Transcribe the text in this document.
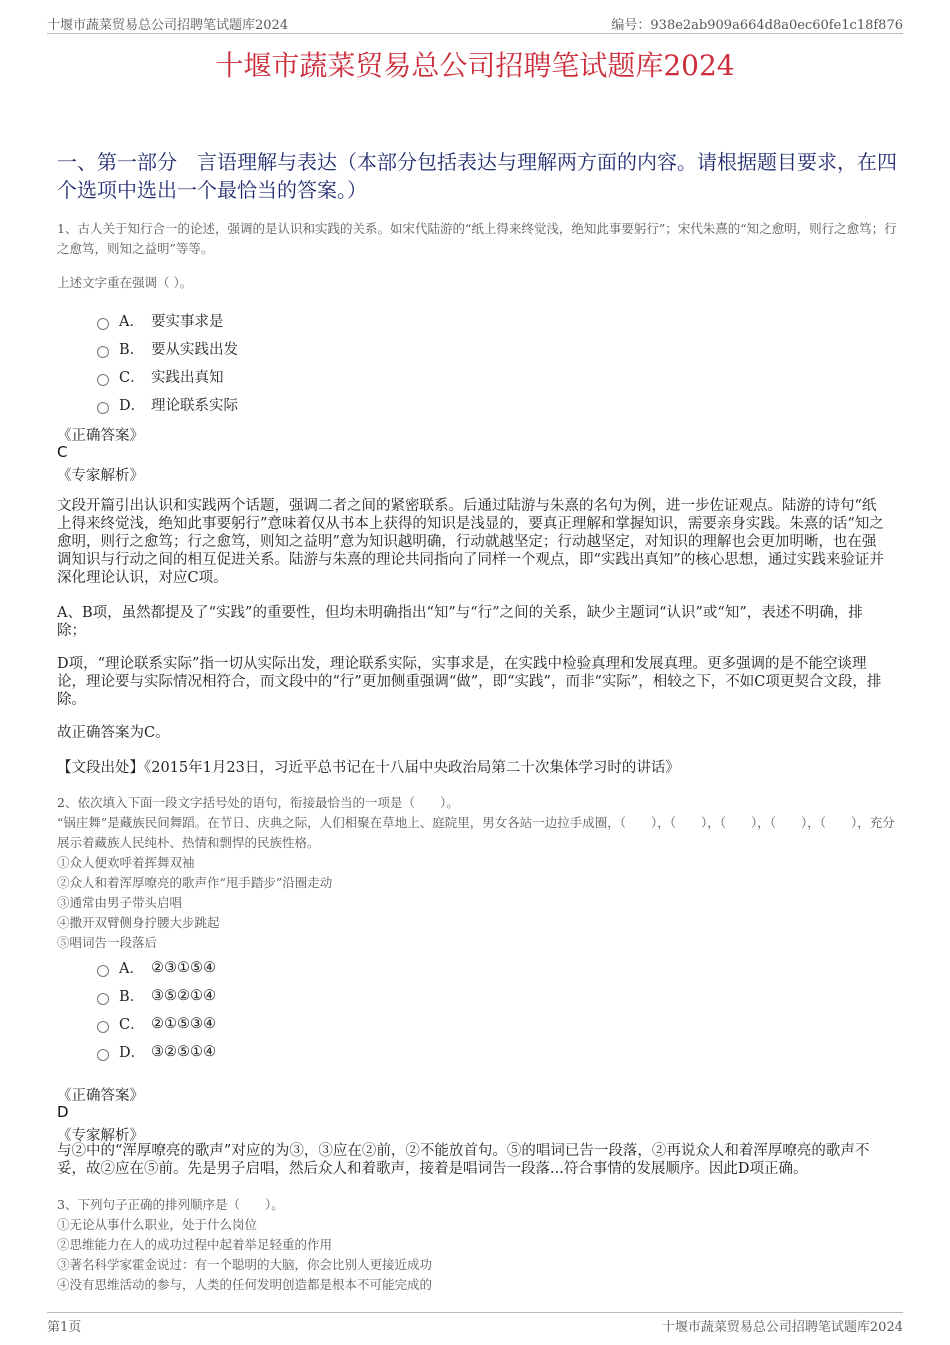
十堰市蔬菜贸易总公司招聘笔试题库2024	编号：938e2ab909a664d8a0ec60fe1c18f876
十堰市蔬菜贸易总公司招聘笔试题库2024
一、第一部分　言语理解与表达（本部分包括表达与理解两方面的内容。请根据题目要求，在四个选项中选出一个最恰当的答案。）
1、古人关于知行合一的论述，强调的是认识和实践的关系。如宋代陆游的“纸上得来终觉浅，绝知此事要躬行”；宋代朱熹的“知之愈明，则行之愈笃；行之愈笃，则知之益明”等等。
上述文字重在强调（ ）。
A． 要实事求是
B． 要从实践出发
C． 实践出真知
D． 理论联系实际
《正确答案》
C
《专家解析》
文段开篇引出认识和实践两个话题，强调二者之间的紧密联系。后通过陆游与朱熹的名句为例，进一步佐证观点。陆游的诗句“纸上得来终觉浅，绝知此事要躬行”意味着仅从书本上获得的知识是浅显的，要真正理解和掌握知识，需要亲身实践。朱熹的话“知之愈明，则行之愈笃；行之愈笃，则知之益明”意为知识越明确，行动就越坚定；行动越坚定，对知识的理解也会更加明晰，也在强调知识与行动之间的相互促进关系。陆游与朱熹的理论共同指向了同样一个观点，即“实践出真知”的核心思想，通过实践来验证并深化理论认识，对应C项。
A、B项，虽然都提及了“实践”的重要性，但均未明确指出“知”与“行”之间的关系，缺少主题词“认识”或“知”，表述不明确，排除；
D项，“理论联系实际”指一切从实际出发，理论联系实际，实事求是，在实践中检验真理和发展真理。更多强调的是不能空谈理论，理论要与实际情况相符合，而文段中的“行”更加侧重强调“做”，即“实践”，而非“实际”，相较之下，不如C项更契合文段，排除。
故正确答案为C。
【文段出处】《2015年1月23日，习近平总书记在十八届中央政治局第二十次集体学习时的讲话》
2、依次填入下面一段文字括号处的语句，衔接最恰当的一项是（　　）。
“锅庄舞”是藏族民间舞蹈。在节日、庆典之际，人们相聚在草地上、庭院里，男女各站一边拉手成圈，（　　），（　　），（　　），（　　），（　　），充分展示着藏族人民纯朴、热情和剽悍的民族性格。
①众人便欢呼着挥舞双袖
②众人和着浑厚嘹亮的歌声作“甩手踏步”沿圈走动
③通常由男子带头启唱
④撒开双臂侧身拧腰大步跳起
⑤唱词告一段落后
A． ②③①⑤④
B． ③⑤②①④
C． ②①⑤③④
D． ③②⑤①④
《正确答案》
D
《专家解析》
与②中的“浑厚嘹亮的歌声”对应的为③，③应在②前，②不能放首句。⑤的唱词已告一段落，②再说众人和着浑厚嘹亮的歌声不妥，故②应在⑤前。先是男子启唱，然后众人和着歌声，接着是唱词告一段落...符合事情的发展顺序。因此D项正确。
3、下列句子正确的排列顺序是（　　）。
①无论从事什么职业，处于什么岗位
②思维能力在人的成功过程中起着举足轻重的作用
③著名科学家霍金说过：有一个聪明的大脑，你会比别人更接近成功
④没有思维活动的参与，人类的任何发明创造都是根本不可能完成的
第1页	十堰市蔬菜贸易总公司招聘笔试题库2024
